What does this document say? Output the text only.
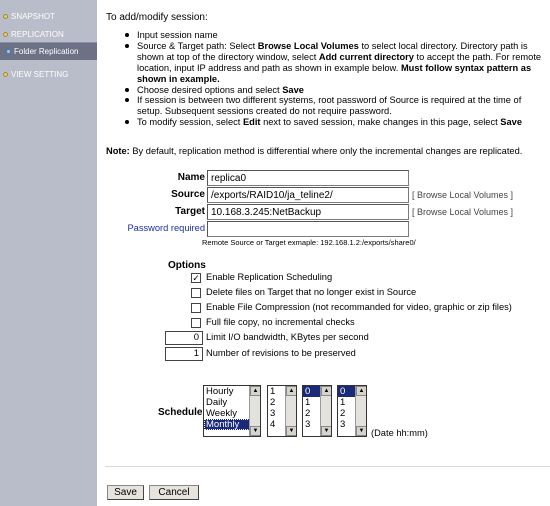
SNAPSHOT
REPLICATION
Folder Replication
VIEW SETTING
To add/modify session:
Input session name
Source & Target path: Select Browse Local Volumes to select local directory. Directory path is shown at top of the directory window, select Add current directory to accept the path. For remote location, input IP address and path as shown in example below. Must follow syntax pattern as shown in example.
Choose desired options and select Save
If session is between two different systems, root password of Source is required at the time of setup. Subsequent sessions created do not require password.
To modify session, select Edit next to saved session, make changes in this page, select Save
Note: By default, replication method is differential where only the incremental changes are replicated.
Name
replica0
Source
/exports/RAID10/ja_teline2/	[ Browse Local Volumes ]
Target
10.168.3.245:NetBackup	[ Browse Local Volumes ]
Password required
Remote Source or Target exmaple: 192.168.1.2:/exports/share0/
Options
✓ Enable Replication Scheduling
Delete files on Target that no longer exist in Source
Enable File Compression (not recommanded for video, graphic or zip files)
Full file copy, no incremental checks
0 Limit I/O bandwidth, KBytes per second
1 Number of revisions to be preserved
Schedule
Hourly
Daily
Weekly
Monthly
▲
▼
1
2
3
4
▲
▼
0
1
2
3
▲
▼
0
1
2
3
▲
▼ (Date hh:mm)
Save	Cancel
